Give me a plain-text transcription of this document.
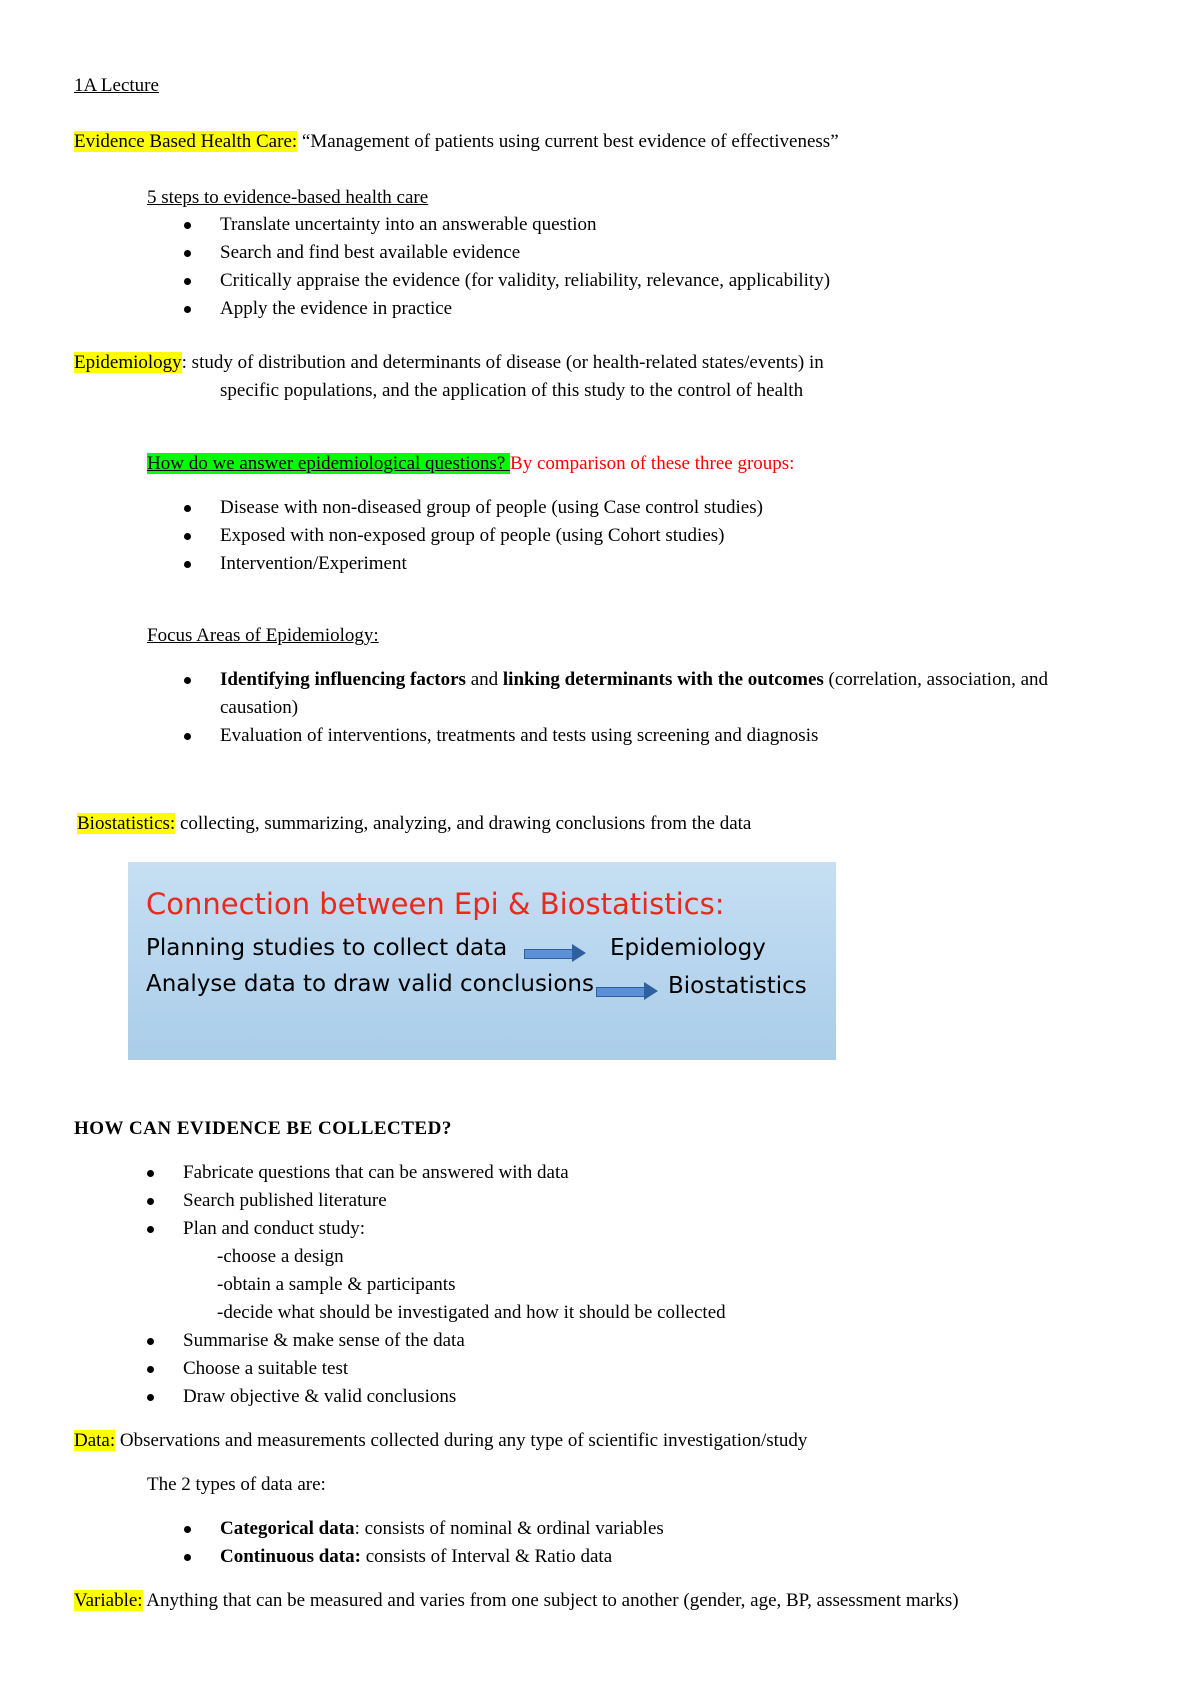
1A Lecture
Evidence Based Health Care: “Management of patients using current best evidence of effectiveness”
5 steps to evidence-based health care
Translate uncertainty into an answerable question
Search and find best available evidence
Critically appraise the evidence (for validity, reliability, relevance, applicability)
Apply the evidence in practice
Epidemiology: study of distribution and determinants of disease (or health-related states/events) in
specific populations, and the application of this study to the control of health
How do we answer epidemiological questions? By comparison of these three groups:
Disease with non-diseased group of people (using Case control studies)
Exposed with non-exposed group of people (using Cohort studies)
Intervention/Experiment
Focus Areas of Epidemiology:
Identifying influencing factors and linking determinants with the outcomes (correlation, association, and causation)
Evaluation of interventions, treatments and tests using screening and diagnosis
Biostatistics: collecting, summarizing, analyzing, and drawing conclusions from the data
Connection between Epi & Biostatistics:
Planning studies to collect data	Epidemiology
Analyse data to draw valid conclusions	Biostatistics
HOW CAN EVIDENCE BE COLLECTED?
Fabricate questions that can be answered with data
Search published literature
Plan and conduct study:
-choose a design
-obtain a sample & participants
-decide what should be investigated and how it should be collected
Summarise & make sense of the data
Choose a suitable test
Draw objective & valid conclusions
Data: Observations and measurements collected during any type of scientific investigation/study
The 2 types of data are:
Categorical data: consists of nominal & ordinal variables
Continuous data: consists of Interval & Ratio data
Variable: Anything that can be measured and varies from one subject to another (gender, age, BP, assessment marks)
